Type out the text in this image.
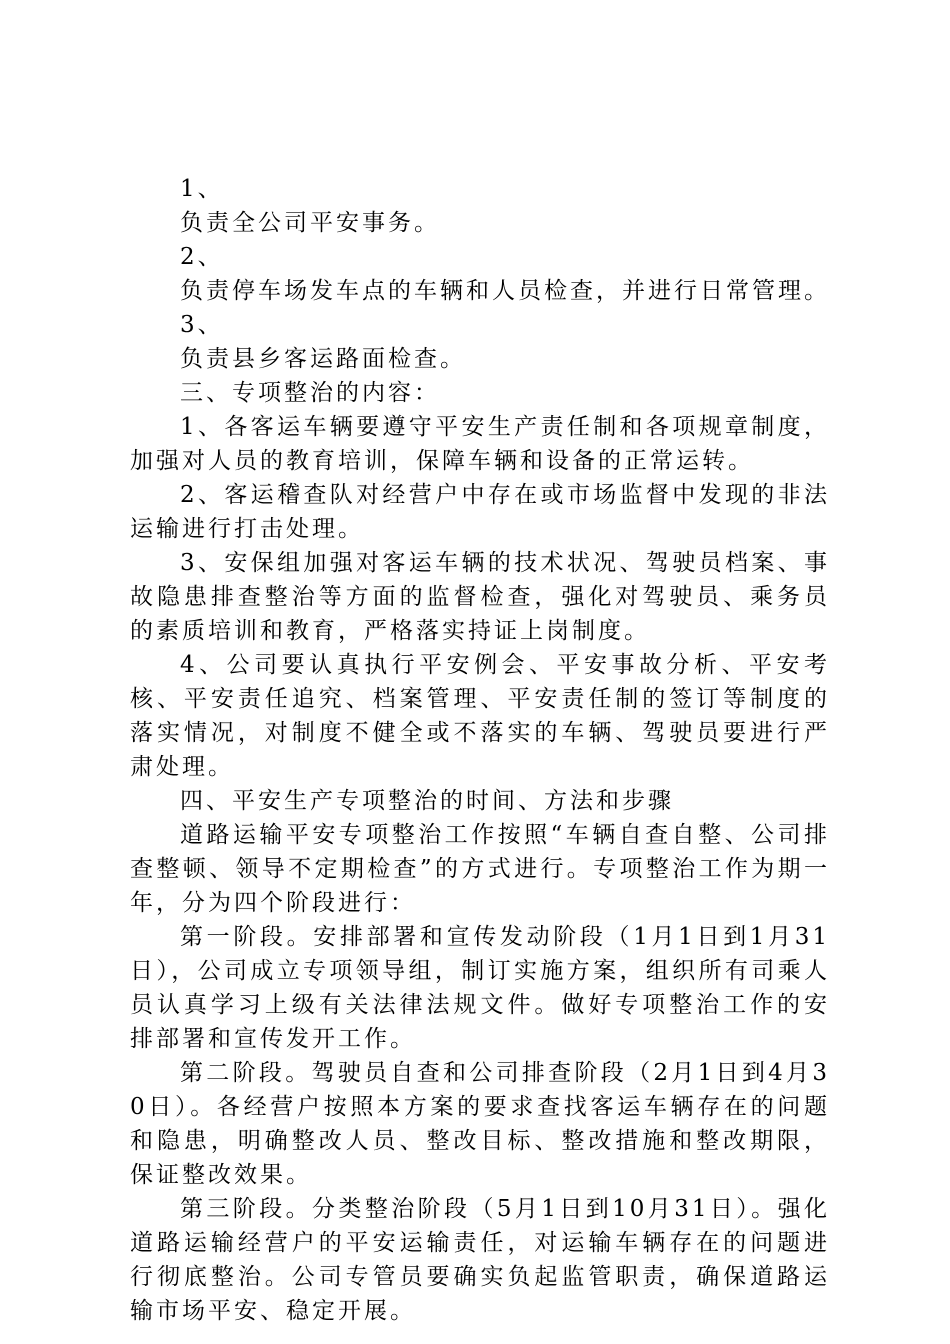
1、

负责全公司平安事务。

2、

负责停车场发车点的车辆和人员检查，并进行日常管理。

3、

负责县乡客运路面检查。

三、专项整治的内容：

1、各客运车辆要遵守平安生产责任制和各项规章制度，加强对人员的教育培训，保障车辆和设备的正常运转。

2、客运稽查队对经营户中存在或市场监督中发现的非法运输进行打击处理。

3、安保组加强对客运车辆的技术状况、驾驶员档案、事故隐患排查整治等方面的监督检查，强化对驾驶员、乘务员的素质培训和教育，严格落实持证上岗制度。

4、公司要认真执行平安例会、平安事故分析、平安考核、平安责任追究、档案管理、平安责任制的签订等制度的落实情况，对制度不健全或不落实的车辆、驾驶员要进行严肃处理。

四、平安生产专项整治的时间、方法和步骤

道路运输平安专项整治工作按照“车辆自查自整、公司排查整顿、领导不定期检查”的方式进行。专项整治工作为期一年，分为四个阶段进行：

第一阶段。安排部署和宣传发动阶段（1月1日到1月31日），公司成立专项领导组，制订实施方案，组织所有司乘人员认真学习上级有关法律法规文件。做好专项整治工作的安排部署和宣传发开工作。

第二阶段。驾驶员自查和公司排查阶段（2月1日到4月30日）。各经营户按照本方案的要求查找客运车辆存在的问题和隐患，明确整改人员、整改目标、整改措施和整改期限，保证整改效果。

第三阶段。分类整治阶段（5月1日到10月31日）。强化道路运输经营户的平安运输责任，对运输车辆存在的问题进行彻底整治。公司专管员要确实负起监管职责，确保道路运输市场平安、稳定开展。
